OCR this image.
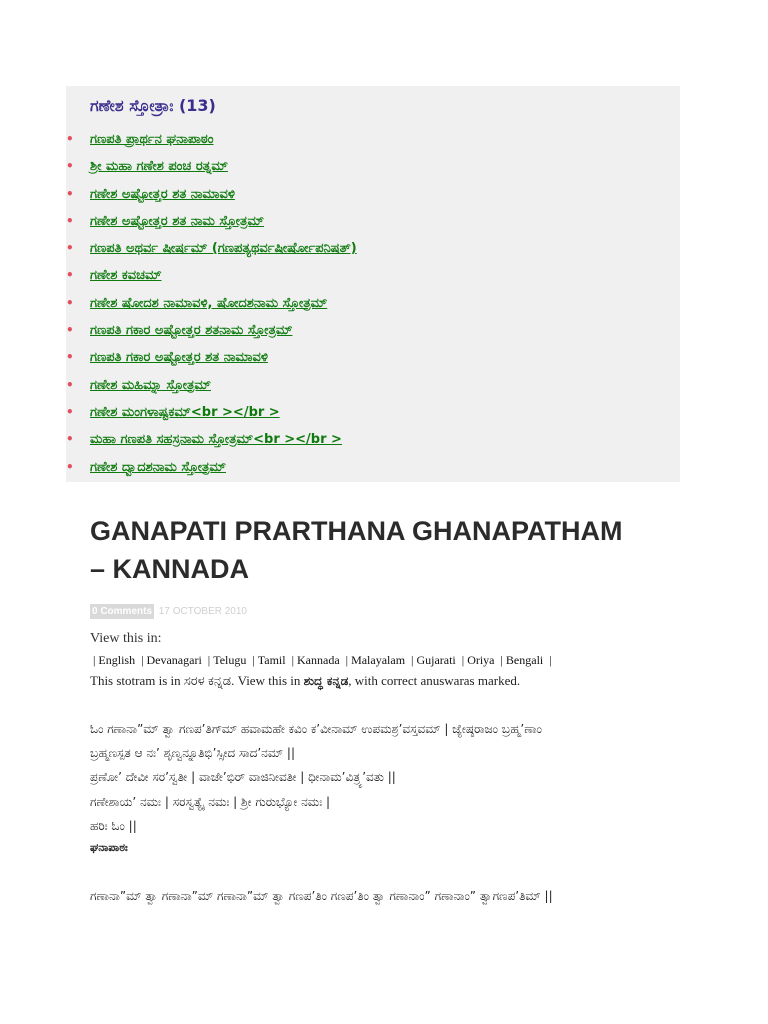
ಗಣೇಶ ಸ್ತೋತ್ರಾಃ (13)
• ಗಣಪತಿ ಪ್ರಾರ್ಥನ ಘನಾಪಾಠಂ
• ಶ್ರೀ ಮಹಾ ಗಣೇಶ ಪಂಚ ರತ್ನಮ್
• ಗಣೇಶ ಅಷ್ಟೋತ್ತರ ಶತ ನಾಮಾವಳಿ
• ಗಣೇಶ ಅಷ್ಟೋತ್ತರ ಶತ ನಾಮ ಸ್ತೋತ್ರಮ್
• ಗಣಪತಿ ಅಥರ್ವ ಷೀರ್ಷಮ್ (ಗಣಪತ್ಯಥರ್ವಷೀರ್ಷೋಪನಿಷತ್)
• ಗಣೇಶ ಕವಚಮ್
• ಗಣೇಶ ಷೋದಶ ನಾಮಾವಳಿ, ಷೋದಶನಾಮ ಸ್ತೋತ್ರಮ್
• ಗಣಪತಿ ಗಕಾರ ಅಷ್ಟೋತ್ತರ ಶತನಾಮ ಸ್ತೋತ್ರಮ್
• ಗಣಪತಿ ಗಕಾರ ಅಷ್ಟೋತ್ತರ ಶತ ನಾಮಾವಳಿ
• ಗಣೇಶ ಮಹಿಮ್ನಾ ಸ್ತೋತ್ರಮ್
• ಗಣೇಶ ಮಂಗಳಾಷ್ಟಕಮ್<br ></br >
• ಮಹಾ ಗಣಪತಿ ಸಹಸ್ರನಾಮ ಸ್ತೋತ್ರಮ್<br ></br >
• ಗಣೇಶ ದ್ವಾದಶನಾಮ ಸ್ತೋತ್ರಮ್
GANAPATI PRARTHANA GHANAPATHAM
– KANNADA
0 Comments 17 OCTOBER 2010
View this in:
| English | Devanagari | Telugu | Tamil | Kannada | Malayalam | Gujarati | Oriya | Bengali |
This stotram is in ಸರಳ ಕನ್ನಡ. View this in ಶುದ್ಧ ಕನ್ನಡ, with correct anuswaras marked.
ಓಂ ಗಣಾನಾ”ಮ್ ತ್ವಾ ಗಣಪ’ತಿಗ್‍ಮ್ ಹವಾಮಹೇ ಕವಿಂ ಕ’ವೀನಾಮ್ ಉಪಮಶ್ರ’ವಸ್ತವಮ್ | ಜ್ಯೇಷ್ಠರಾಜಂ ಬ್ರಹ್ಮ’ಣಾಂ
ಬ್ರಹ್ಮಣಸ್ಪತ ಆ ನಃ’ ಶೃಣ್ವನ್ನೂತಿಭಿ’ಸ್ಸೀದ ಸಾದ’ನಮ್ ||
ಪ್ರಣೋ’ ದೇವೀ ಸರ’ಸ್ವತೀ | ವಾಜೇ’ಭಿರ್ ವಾಜಿನೀವತೀ | ಧೀನಾಮ’ವಿತ್ರ್ಯ’ವತು ||
ಗಣೇಶಾಯ’ ನಮಃ | ಸರಸ್ವತ್ಯೈ ನಮಃ | ಶ್ರೀ ಗುರುಭ್ಯೋ ನಮಃ |
ಹರಿಃ ಓಂ ||
ಘನಾಪಾಠಃ
ಗಣಾನಾ”ಮ್ ತ್ವಾ ಗಣಾನಾ”ಮ್ ಗಣಾನಾ”ಮ್ ತ್ವಾ ಗಣಪ’ತಿಂ ಗಣಪ’ತಿಂ ತ್ವಾ ಗಣಾನಾಂ” ಗಣಾನಾಂ” ತ್ವಾಗಣಪ’ತಿಮ್ ||
